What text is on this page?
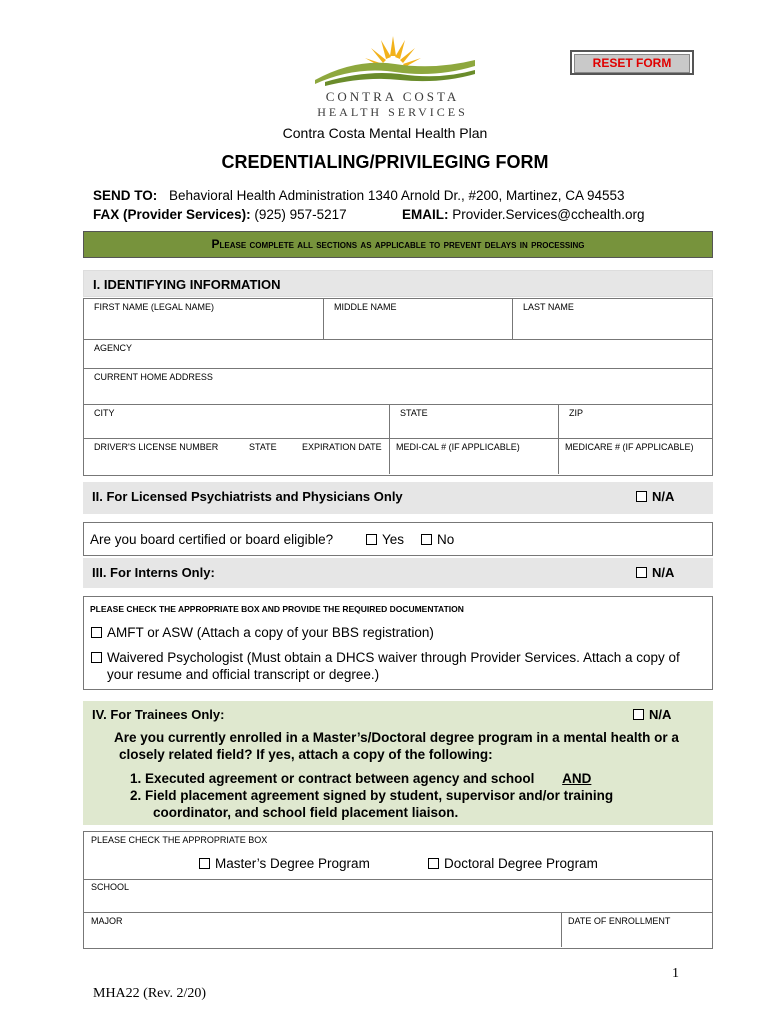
CONTRA COSTA
HEALTH SERVICES
RESET FORM
Contra Costa Mental Health Plan
CREDENTIALING/PRIVILEGING FORM
SEND TO: Behavioral Health Administration 1340 Arnold Dr., #200, Martinez, CA 94553
FAX (Provider Services): (925) 957-5217	EMAIL: Provider.Services@cchealth.org
Please complete all sections as applicable to prevent delays in processing
I. IDENTIFYING INFORMATION
FIRST NAME (LEGAL NAME)	MIDDLE NAME	LAST NAME
AGENCY
CURRENT HOME ADDRESS
CITY	STATE	ZIP
DRIVER'S LICENSE NUMBER	STATE	EXPIRATION DATE	MEDI-CAL # (IF APPLICABLE)	MEDICARE # (IF APPLICABLE)
II. For Licensed Psychiatrists and Physicians Only	N/A
Are you board certified or board eligible?	Yes	No
III. For Interns Only:	N/A
PLEASE CHECK THE APPROPRIATE BOX AND PROVIDE THE REQUIRED DOCUMENTATION
AMFT or ASW (Attach a copy of your BBS registration)
Waivered Psychologist (Must obtain a DHCS waiver through Provider Services. Attach a copy of
your resume and official transcript or degree.)
IV. For Trainees Only:	N/A
Are you currently enrolled in a Master’s/Doctoral degree program in a mental health or a
closely related field? If yes, attach a copy of the following:
1. Executed agreement or contract between agency and school AND
2. Field placement agreement signed by student, supervisor and/or training
coordinator, and school field placement liaison.
PLEASE CHECK THE APPROPRIATE BOX
Master’s Degree Program	Doctoral Degree Program
SCHOOL
MAJOR	DATE OF ENROLLMENT
1
MHA22 (Rev. 2/20)
